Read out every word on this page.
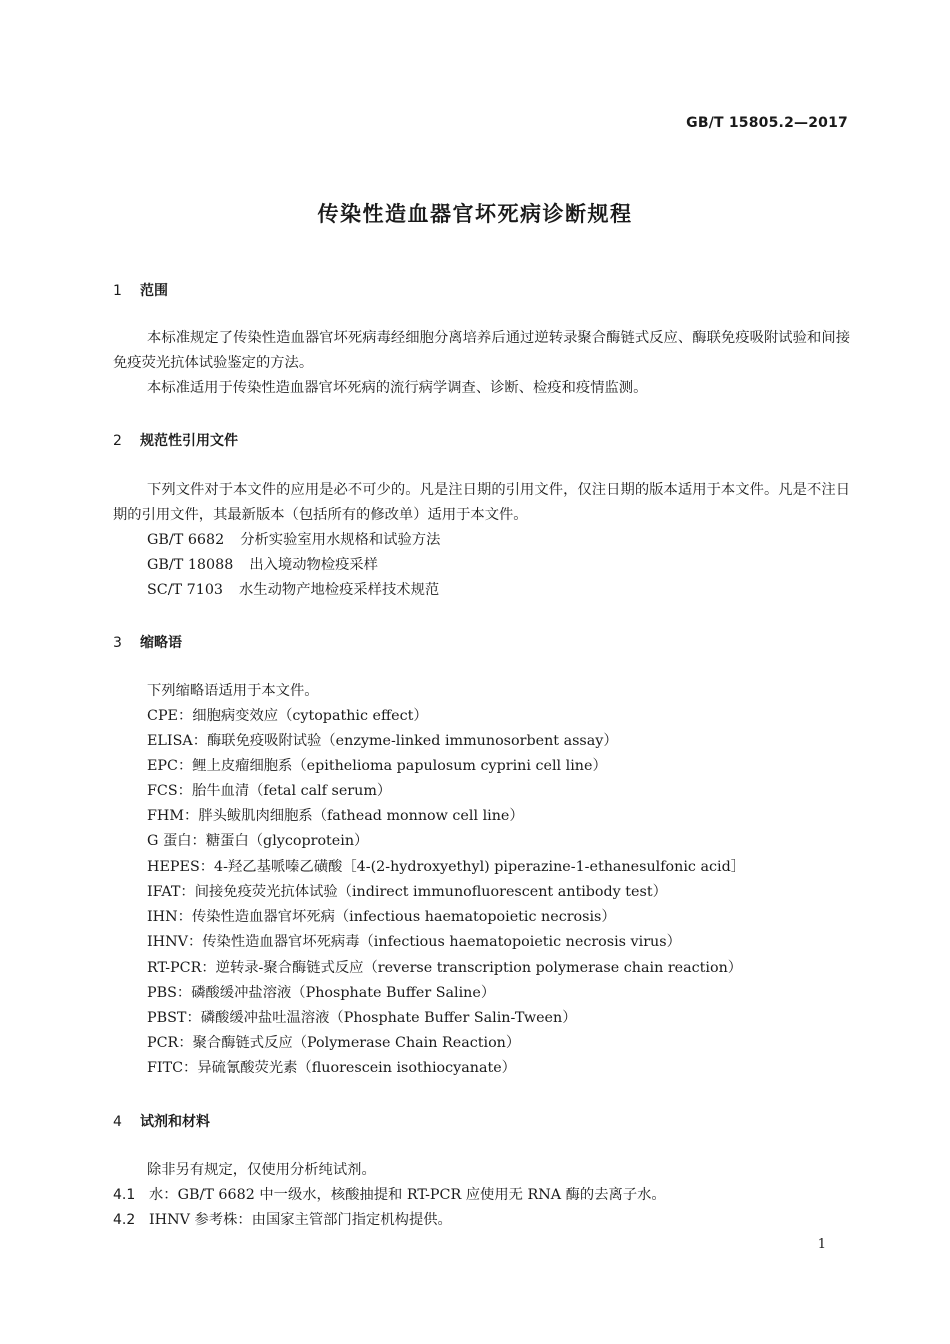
GB/T 15805.2—2017
传染性造血器官坏死病诊断规程
1 范围

本标准规定了传染性造血器官坏死病毒经细胞分离培养后通过逆转录聚合酶链式反应、酶联免疫吸附试验和间接免疫荧光抗体试验鉴定的方法。

本标准适用于传染性造血器官坏死病的流行病学调查、诊断、检疫和疫情监测。

2 规范性引用文件

下列文件对于本文件的应用是必不可少的。凡是注日期的引用文件，仅注日期的版本适用于本文件。凡是不注日期的引用文件，其最新版本（包括所有的修改单）适用于本文件。

GB/T 6682 分析实验室用水规格和试验方法
GB/T 18088 出入境动物检疫采样
SC/T 7103 水生动物产地检疫采样技术规范
3 缩略语
下列缩略语适用于本文件。
CPE：细胞病变效应（cytopathic effect）
ELISA：酶联免疫吸附试验（enzyme-linked immunosorbent assay）
EPC：鲤上皮瘤细胞系（epithelioma papulosum cyprini cell line）
FCS：胎牛血清（fetal calf serum）
FHM：胖头鲅肌肉细胞系（fathead monnow cell line）
G 蛋白：糖蛋白（glycoprotein）
HEPES：4-羟乙基哌嗪乙磺酸［4-(2-hydroxyethyl) piperazine-1-ethanesulfonic acid］
IFAT：间接免疫荧光抗体试验（indirect immunofluorescent antibody test）
IHN：传染性造血器官坏死病（infectious haematopoietic necrosis）
IHNV：传染性造血器官坏死病毒（infectious haematopoietic necrosis virus）
RT-PCR：逆转录-聚合酶链式反应（reverse transcription polymerase chain reaction）
PBS：磷酸缓冲盐溶液（Phosphate Buffer Saline）
PBST：磷酸缓冲盐吐温溶液（Phosphate Buffer Salin-Tween）
PCR：聚合酶链式反应（Polymerase Chain Reaction）
FITC：异硫氰酸荧光素（fluorescein isothiocyanate）
4 试剂和材料
除非另有规定，仅使用分析纯试剂。
4.1 水：GB/T 6682 中一级水，核酸抽提和 RT-PCR 应使用无 RNA 酶的去离子水。
4.2 IHNV 参考株：由国家主管部门指定机构提供。
1
